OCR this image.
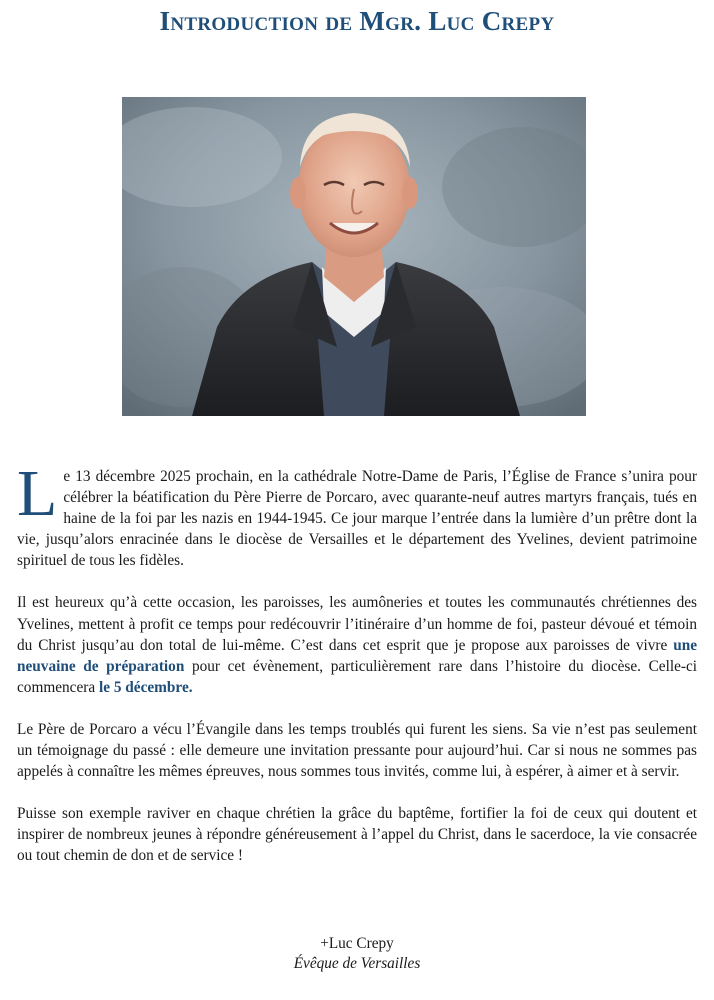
Introduction de Mgr. Luc Crepy

Le 13 décembre 2025 prochain, en la cathédrale Notre-Dame de Paris, l’Église de France s’unira pour célébrer la béatification du Père Pierre de Porcaro, avec quarante-neuf autres martyrs français, tués en haine de la foi par les nazis en 1944-1945. Ce jour marque l’entrée dans la lumière d’un prêtre dont la vie, jusqu’alors enracinée dans le diocèse de Versailles et le département des Yvelines, devient patrimoine spirituel de tous les fidèles.

Il est heureux qu’à cette occasion, les paroisses, les aumôneries et toutes les communautés chrétiennes des Yvelines, mettent à profit ce temps pour redécouvrir l’itinéraire d’un homme de foi, pasteur dévoué et témoin du Christ jusqu’au don total de lui-même. C’est dans cet esprit que je propose aux paroisses de vivre une neuvaine de préparation pour cet évènement, particulièrement rare dans l’histoire du diocèse. Celle-ci commencera le 5 décembre.

Le Père de Porcaro a vécu l’Évangile dans les temps troublés qui furent les siens. Sa vie n’est pas seulement un témoignage du passé : elle demeure une invitation pressante pour aujourd’hui. Car si nous ne sommes pas appelés à connaître les mêmes épreuves, nous sommes tous invités, comme lui, à espérer, à aimer et à servir.

Puisse son exemple raviver en chaque chrétien la grâce du baptême, fortifier la foi de ceux qui doutent et inspirer de nombreux jeunes à répondre généreusement à l’appel du Christ, dans le sacerdoce, la vie consacrée ou tout chemin de don et de service !

+Luc Crepy
Évêque de Versailles
